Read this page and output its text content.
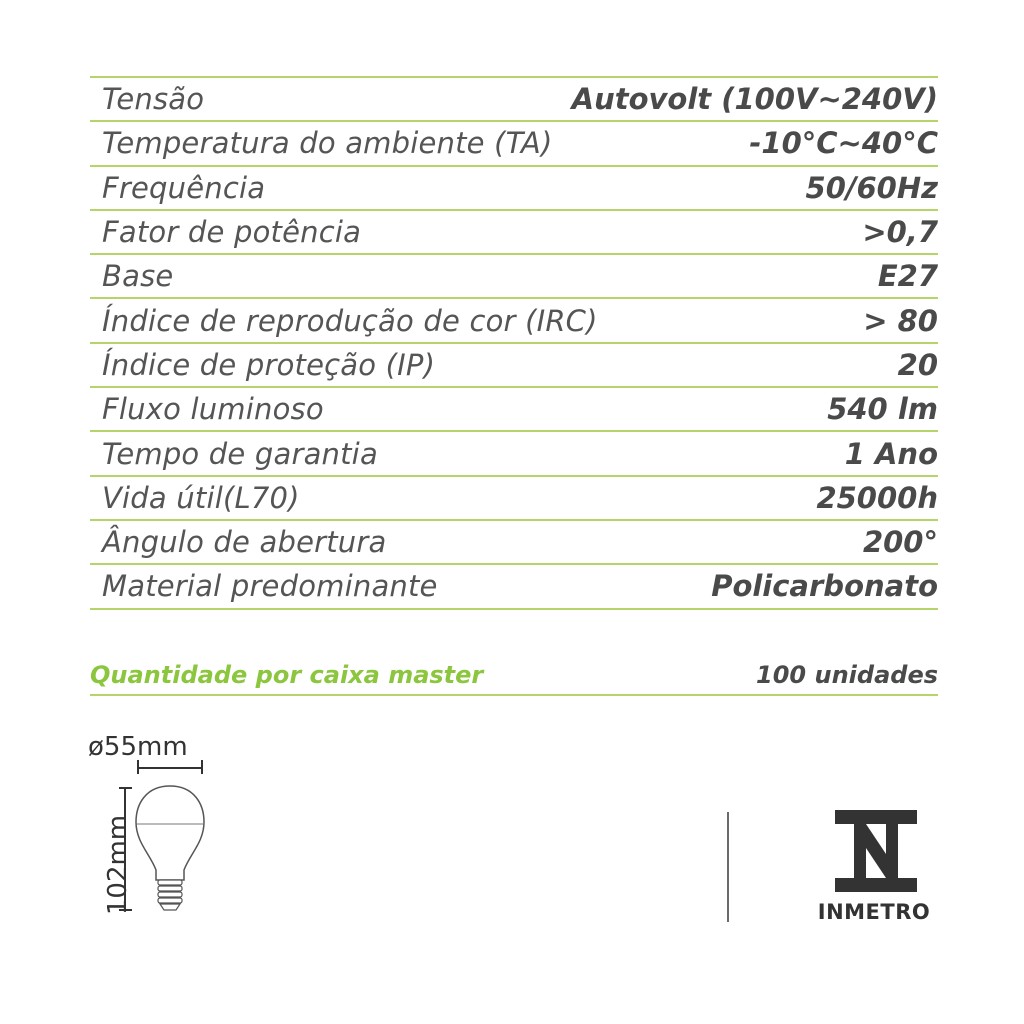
Tensão	Autovolt (100V~240V)
Temperatura do ambiente (TA)	-10°C~40°C
Frequência	50/60Hz
Fator de potência	>0,7
Base	E27
Índice de reprodução de cor (IRC)	> 80
Índice de proteção (IP)	20
Fluxo luminoso	540 lm
Tempo de garantia	1 Ano
Vida útil(L70)	25000h
Ângulo de abertura	200°
Material predominante	Policarbonato
Quantidade por caixa master	100 unidades
ø55mm
102mm	INMETRO
